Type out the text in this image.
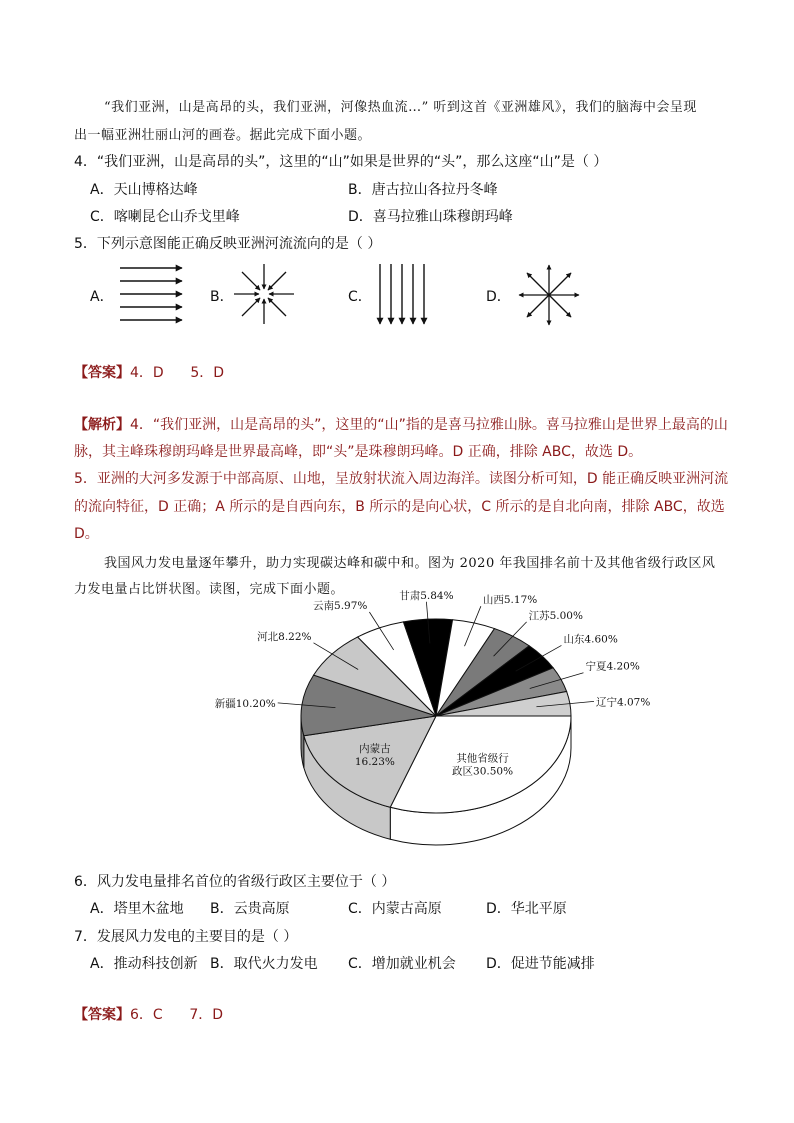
“我们亚洲，山是高昂的头，我们亚洲，河像热血流…” 听到这首《亚洲雄风》，我们的脑海中会呈现
出一幅亚洲壮丽山河的画卷。据此完成下面小题。
4．“我们亚洲，山是高昂的头”，这里的“山”如果是世界的“头”，那么这座“山”是（ ）
A．天山博格达峰	B．唐古拉山各拉丹冬峰
C．喀喇昆仑山乔戈里峰	D．喜马拉雅山珠穆朗玛峰
5．下列示意图能正确反映亚洲河流流向的是（ ）
A．	B．	C．	D．
【答案】4．D      5．D
【解析】4．“我们亚洲，山是高昂的头”，这里的“山”指的是喜马拉雅山脉。喜马拉雅山是世界上最高的山
脉，其主峰珠穆朗玛峰是世界最高峰，即“头”是珠穆朗玛峰。D 正确，排除 ABC，故选 D。
5．亚洲的大河多发源于中部高原、山地，呈放射状流入周边海洋。读图分析可知，D 能正确反映亚洲河流
的流向特征，D 正确；A 所示的是自西向东，B 所示的是向心状，C 所示的是自北向南，排除 ABC，故选
D。
我国风力发电量逐年攀升，助力实现碳达峰和碳中和。图为 2020 年我国排名前十及其他省级行政区风
力发电量占比饼状图。读图，完成下面小题。
其他省级行
政区30.50%
内蒙古
16.23%
新疆10.20%
河北8.22%
云南5.97%
甘肃5.84%	山西5.17%
江苏5.00%
山东4.60%
宁夏4.20%
辽宁4.07%
6．风力发电量排名首位的省级行政区主要位于（ ）
A．塔里木盆地 B．云贵高原	C．内蒙古高原	D．华北平原
7．发展风力发电的主要目的是（ ）
A．推动科技创新 B．取代火力发电 C．增加就业机会 D．促进节能减排
【答案】6．C      7．D
